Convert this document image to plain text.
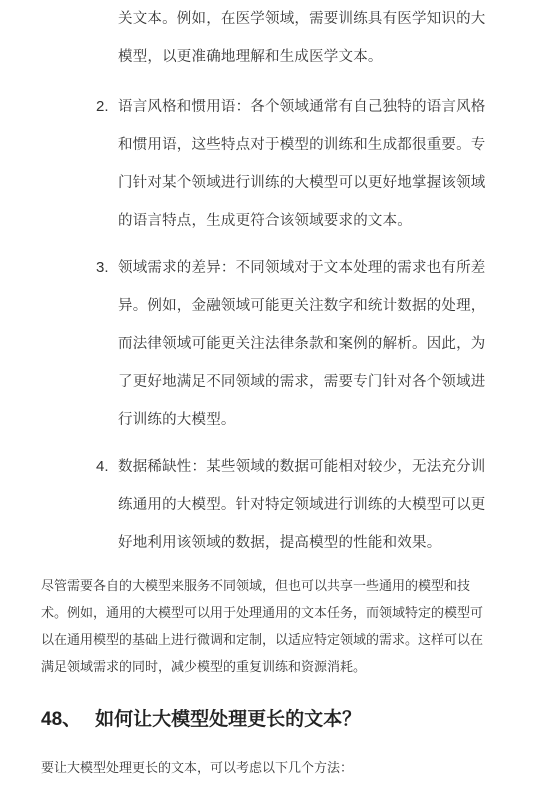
关文本。例如，在医学领域，需要训练具有医学知识的大
模型，以更准确地理解和生成医学文本。
2. 语言风格和惯用语：各个领域通常有自己独特的语言风格
和惯用语，这些特点对于模型的训练和生成都很重要。专
门针对某个领域进行训练的大模型可以更好地掌握该领域
的语言特点，生成更符合该领域要求的文本。
3. 领域需求的差异：不同领域对于文本处理的需求也有所差
异。例如，金融领域可能更关注数字和统计数据的处理，
而法律领域可能更关注法律条款和案例的解析。因此，为
了更好地满足不同领域的需求，需要专门针对各个领域进
行训练的大模型。
4. 数据稀缺性：某些领域的数据可能相对较少，无法充分训
练通用的大模型。针对特定领域进行训练的大模型可以更
好地利用该领域的数据，提高模型的性能和效果。
尽管需要各自的大模型来服务不同领域，但也可以共享一些通用的模型和技
术。例如，通用的大模型可以用于处理通用的文本任务，而领域特定的模型可
以在通用模型的基础上进行微调和定制，以适应特定领域的需求。这样可以在
满足领域需求的同时，减少模型的重复训练和资源消耗。
48、 如何让大模型处理更长的文本？
要让大模型处理更长的文本，可以考虑以下几个方法：
